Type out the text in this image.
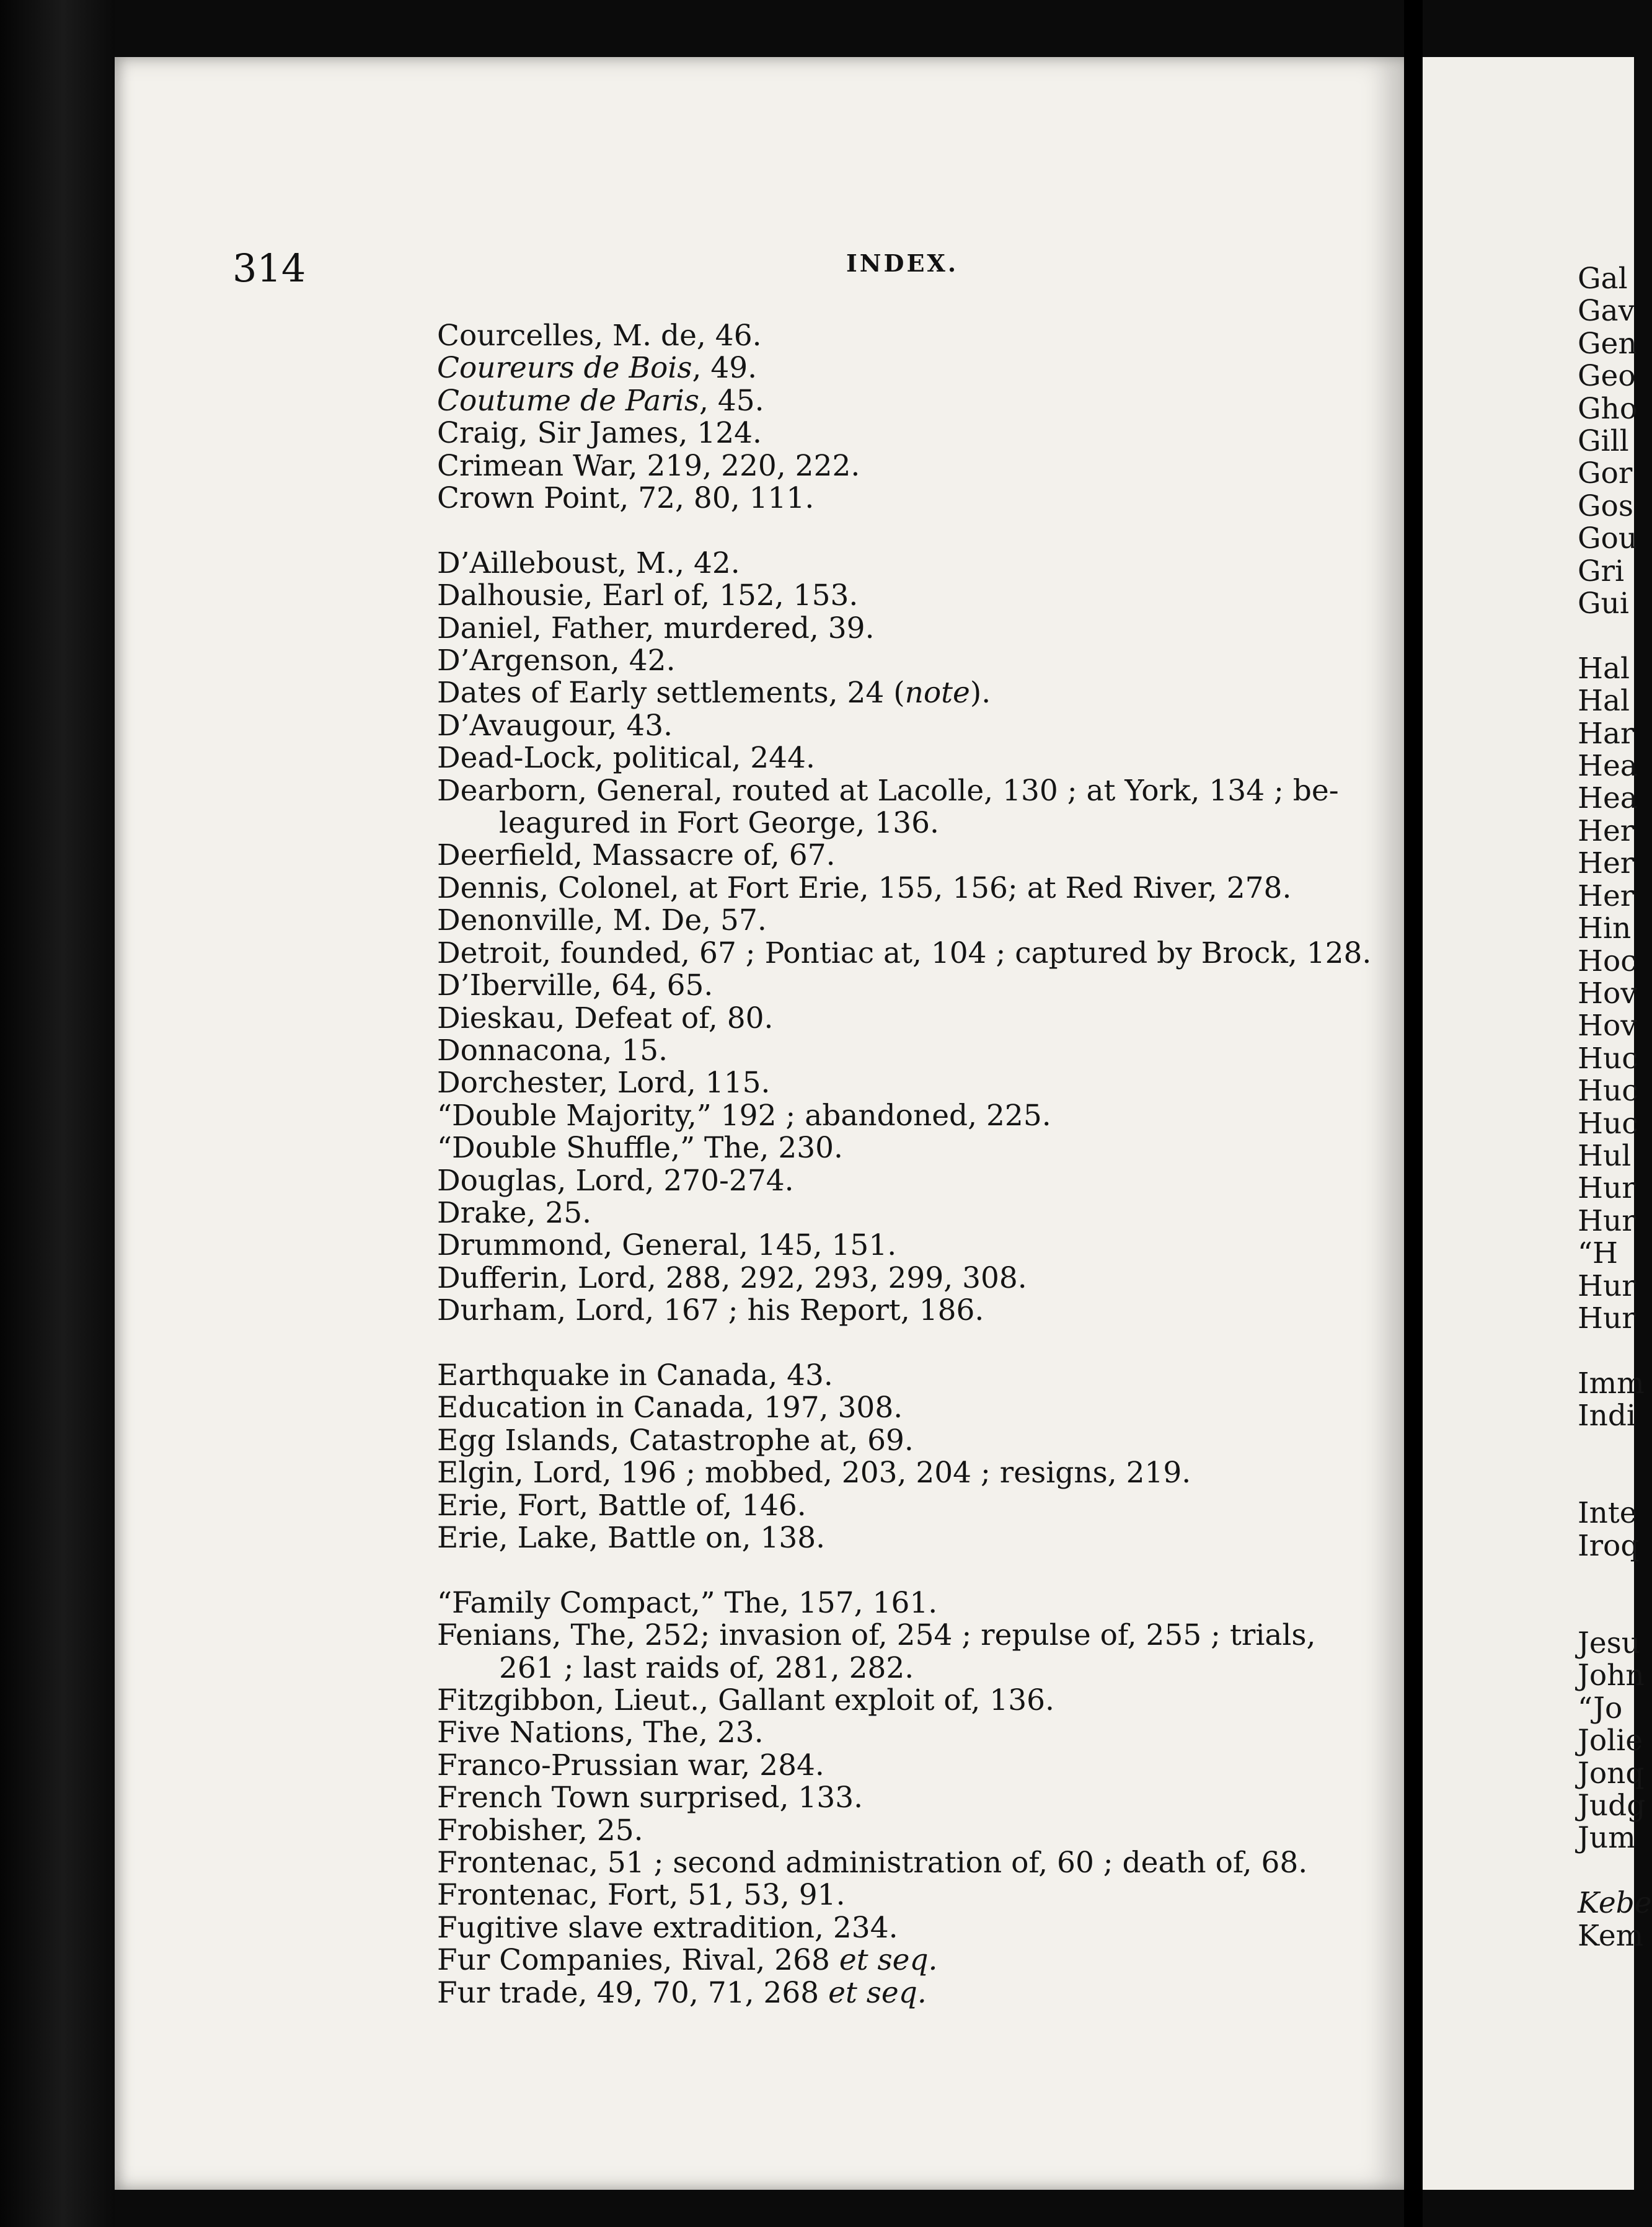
314	INDEX.
Courcelles, M. de, 46.
Coureurs de Bois, 49.
Coutume de Paris, 45.
Craig, Sir James, 124.
Crimean War, 219, 220, 222.
Crown Point, 72, 80, 111.
D’Ailleboust, M., 42.
Dalhousie, Earl of, 152, 153.
Daniel, Father, murdered, 39.
D’Argenson, 42.
Dates of Early settlements, 24 (note).
D’Avaugour, 43.
Dead-Lock, political, 244.
Dearborn, General, routed at Lacolle, 130 ; at York, 134 ; be-
leagured in Fort George, 136.
Deerfield, Massacre of, 67.
Dennis, Colonel, at Fort Erie, 155, 156; at Red River, 278.
Denonville, M. De, 57.
Detroit, founded, 67 ; Pontiac at, 104 ; captured by Brock, 128.
D’Iberville, 64, 65.
Dieskau, Defeat of, 80.
Donnacona, 15.
Dorchester, Lord, 115.
“Double Majority,” 192 ; abandoned, 225.
“Double Shuffle,” The, 230.
Douglas, Lord, 270-274.
Drake, 25.
Drummond, General, 145, 151.
Dufferin, Lord, 288, 292, 293, 299, 308.
Durham, Lord, 167 ; his Report, 186.
Earthquake in Canada, 43.
Education in Canada, 197, 308.
Egg Islands, Catastrophe at, 69.
Elgin, Lord, 196 ; mobbed, 203, 204 ; resigns, 219.
Erie, Fort, Battle of, 146.
Erie, Lake, Battle on, 138.
“Family Compact,” The, 157, 161.
Fenians, The, 252; invasion of, 254 ; repulse of, 255 ; trials,
261 ; last raids of, 281, 282.
Fitzgibbon, Lieut., Gallant exploit of, 136.
Five Nations, The, 23.
Franco-Prussian war, 284.
French Town surprised, 133.
Frobisher, 25.
Frontenac, 51 ; second administration of, 60 ; death of, 68.
Frontenac, Fort, 51, 53, 91.
Fugitive slave extradition, 234.
Fur Companies, Rival, 268 et seq.
Fur trade, 49, 70, 71, 268 et seq.
Gal
Gav
Gen
Geo
Gho
Gill
Gor
Gos
Gou
Gri
Gui
Hal
Hal
Har
Hea
Hea
Her
Her
Her
Hin
Hoc
Hov
Hov
Huc
Huc
Huc
Hul
Hur
Hur
“H
Hur
Hur
Imm
Indi
Inte
Iroq
Jesu
John
“Jo
Jolie
Jonq
Judg
Jum
Kebe
Kem
